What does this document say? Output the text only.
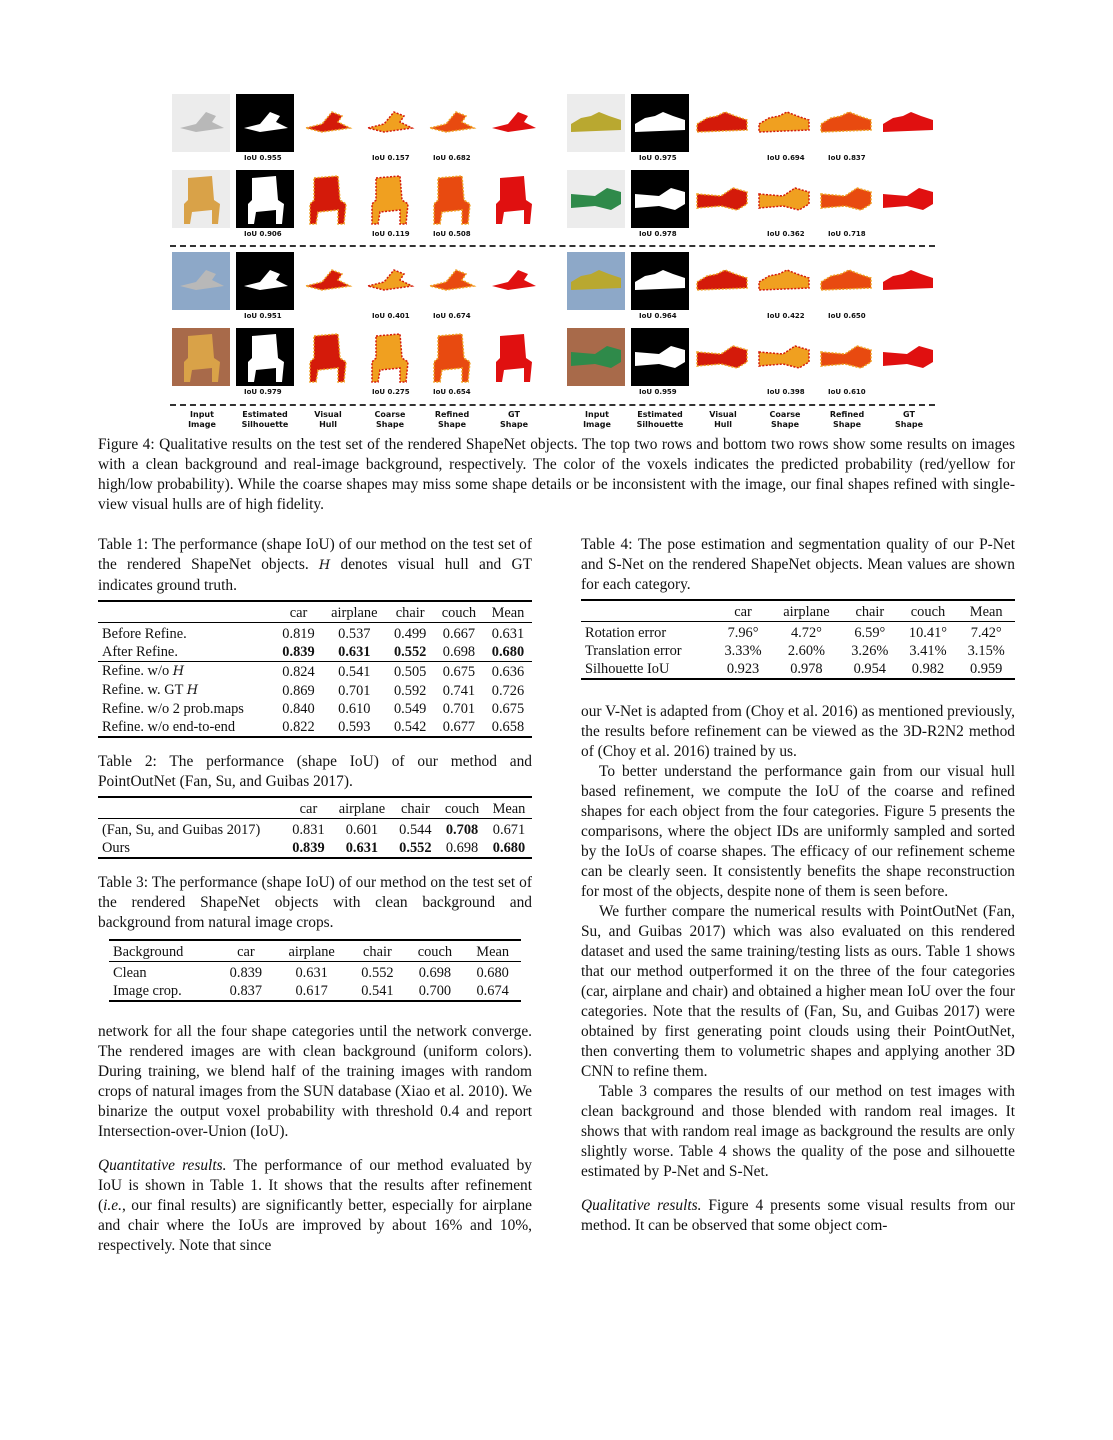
IoU 0.955	IoU 0.157	IoU 0.682
IoU 0.906	IoU 0.119	IoU 0.508
IoU 0.951	IoU 0.401	IoU 0.674
IoU 0.979	IoU 0.275	IoU 0.654
Input
Image
Estimated
Silhouette
Visual
Hull
Coarse
Shape
Refined
Shape
GT
Shape
IoU 0.975	IoU 0.694	IoU 0.837
IoU 0.978	IoU 0.362	IoU 0.718
IoU 0.964	IoU 0.422	IoU 0.650
IoU 0.959	IoU 0.398	IoU 0.610
Input
Image
Estimated
Silhouette
Visual
Hull
Coarse
Shape
Refined
Shape
GT
Shape
Figure 4: Qualitative results on the test set of the rendered ShapeNet objects. The top two rows and bottom two rows show some results on images with a clean background and real-image background, respectively. The color of the voxels indicates the predicted probability (red/yellow for high/low probability). While the coarse shapes may miss some shape details or be inconsistent with the image, our final shapes refined with single-view visual hulls are of high fidelity.
Table 1: The performance (shape IoU) of our method on the test set of the rendered ShapeNet objects. H denotes visual hull and GT indicates ground truth.
	car	airplane	chair	couch	Mean
Before Refine.	0.819	0.537	0.499	0.667	0.631
After Refine.	0.839	0.631	0.552	0.698	0.680
Refine. w/o H	0.824	0.541	0.505	0.675	0.636
Refine. w. GT H	0.869	0.701	0.592	0.741	0.726
Refine. w/o 2 prob.maps	0.840	0.610	0.549	0.701	0.675
Refine. w/o end-to-end	0.822	0.593	0.542	0.677	0.658
Table 2: The performance (shape IoU) of our method and PointOutNet (Fan, Su, and Guibas 2017).
	car	airplane	chair	couch	Mean
(Fan, Su, and Guibas 2017)	0.831	0.601	0.544	0.708	0.671
Ours	0.839	0.631	0.552	0.698	0.680
Table 3: The performance (shape IoU) of our method on the test set of the rendered ShapeNet objects with clean background and background from natural image crops.
Background	car	airplane	chair	couch	Mean
Clean	0.839	0.631	0.552	0.698	0.680
Image crop.	0.837	0.617	0.541	0.700	0.674

network for all the four shape categories until the network converge. The rendered images are with clean background (uniform colors). During training, we blend half of the training images with random crops of natural images from the SUN database (Xiao et al. 2010). We binarize the output voxel probability with threshold 0.4 and report Intersection-over-Union (IoU).

Quantitative results. The performance of our method evaluated by IoU is shown in Table 1. It shows that the results after refinement (i.e., our final results) are significantly better, especially for airplane and chair where the IoUs are improved by about 16% and 10%, respectively. Note that since

Table 4: The pose estimation and segmentation quality of our P-Net and S-Net on the rendered ShapeNet objects. Mean values are shown for each category.
	car	airplane	chair	couch	Mean
Rotation error	7.96°	4.72°	6.59°	10.41°	7.42°
Translation error	3.33%	2.60%	3.26%	3.41%	3.15%
Silhouette IoU	0.923	0.978	0.954	0.982	0.959

our V-Net is adapted from (Choy et al. 2016) as mentioned previously, the results before refinement can be viewed as the 3D-R2N2 method of (Choy et al. 2016) trained by us.

To better understand the performance gain from our visual hull based refinement, we compute the IoU of the coarse and refined shapes for each object from the four categories. Figure 5 presents the comparisons, where the object IDs are uniformly sampled and sorted by the IoUs of coarse shapes. The efficacy of our refinement scheme can be clearly seen. It consistently benefits the shape reconstruction for most of the objects, despite none of them is seen before.

We further compare the numerical results with PointOutNet (Fan, Su, and Guibas 2017) which was also evaluated on this rendered dataset and used the same training/testing lists as ours. Table 1 shows that our method outperformed it on the three of the four categories (car, airplane and chair) and obtained a higher mean IoU over the four categories. Note that the results of (Fan, Su, and Guibas 2017) were obtained by first generating point clouds using their PointOutNet, then converting them to volumetric shapes and applying another 3D CNN to refine them.

Table 3 compares the results of our method on test images with clean background and those blended with random real images. It shows that with random real image as background the results are only slightly worse. Table 4 shows the quality of the pose and silhouette estimated by P-Net and S-Net.

Qualitative results. Figure 4 presents some visual results from our method. It can be observed that some object com-
